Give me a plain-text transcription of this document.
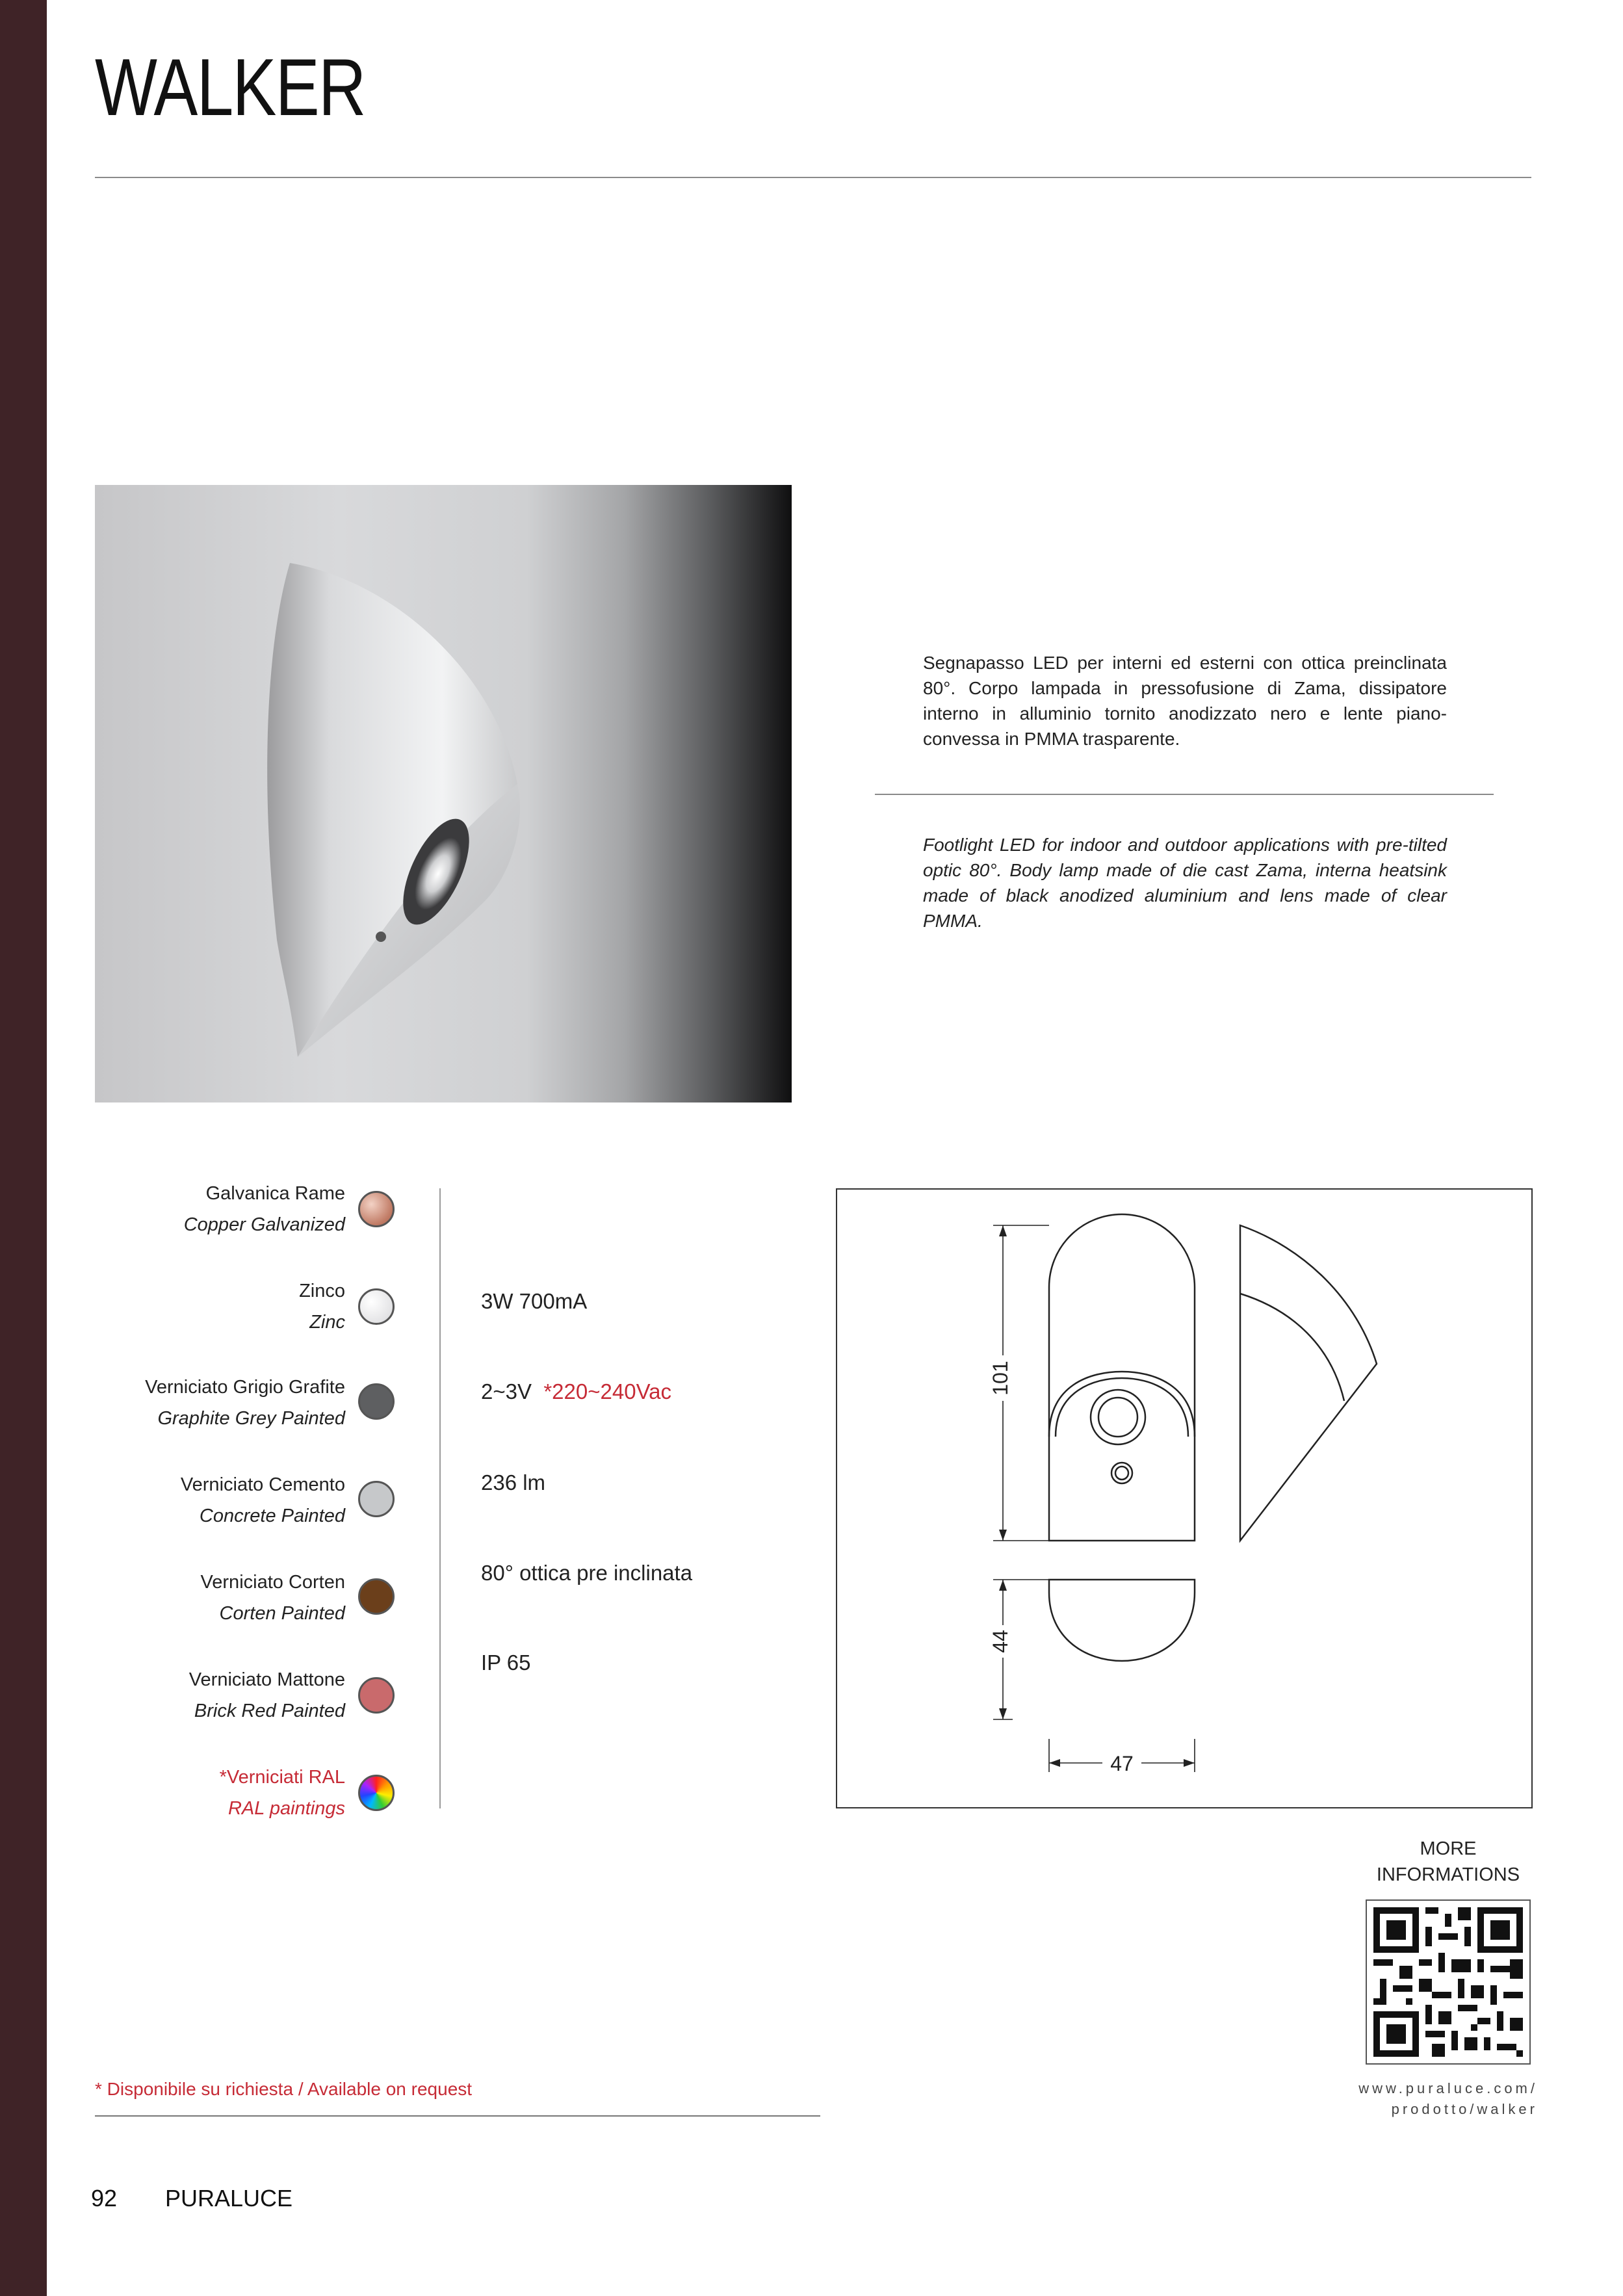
WALKER
Segnapasso LED per interni ed esterni con ottica preinclinata 80°. Corpo lampada in pressofusione di Zama, dissipatore interno in alluminio tornito anodizzato nero e lente piano-convessa in PMMA trasparente.
Footlight LED for indoor and outdoor applications with pre-tilted optic 80°. Body lamp made of die cast Zama, interna heatsink made of black anodized aluminium and lens made of clear PMMA.
Galvanica Rame
Copper Galvanized
Zinco
Zinc
Verniciato Grigio Grafite
Graphite Grey Painted
Verniciato Cemento
Concrete Painted
Verniciato Corten
Corten Painted
Verniciato Mattone
Brick Red Painted
*Verniciati RAL
RAL paintings
3W 700mA
2~3V *220~240Vac
236 lm
80° ottica pre inclinata
IP 65
101
44
47
MORE
INFORMATIONS
www.puraluce.com/
prodotto/walker
* Disponibile su richiesta / Available on request
92 PURALUCE
